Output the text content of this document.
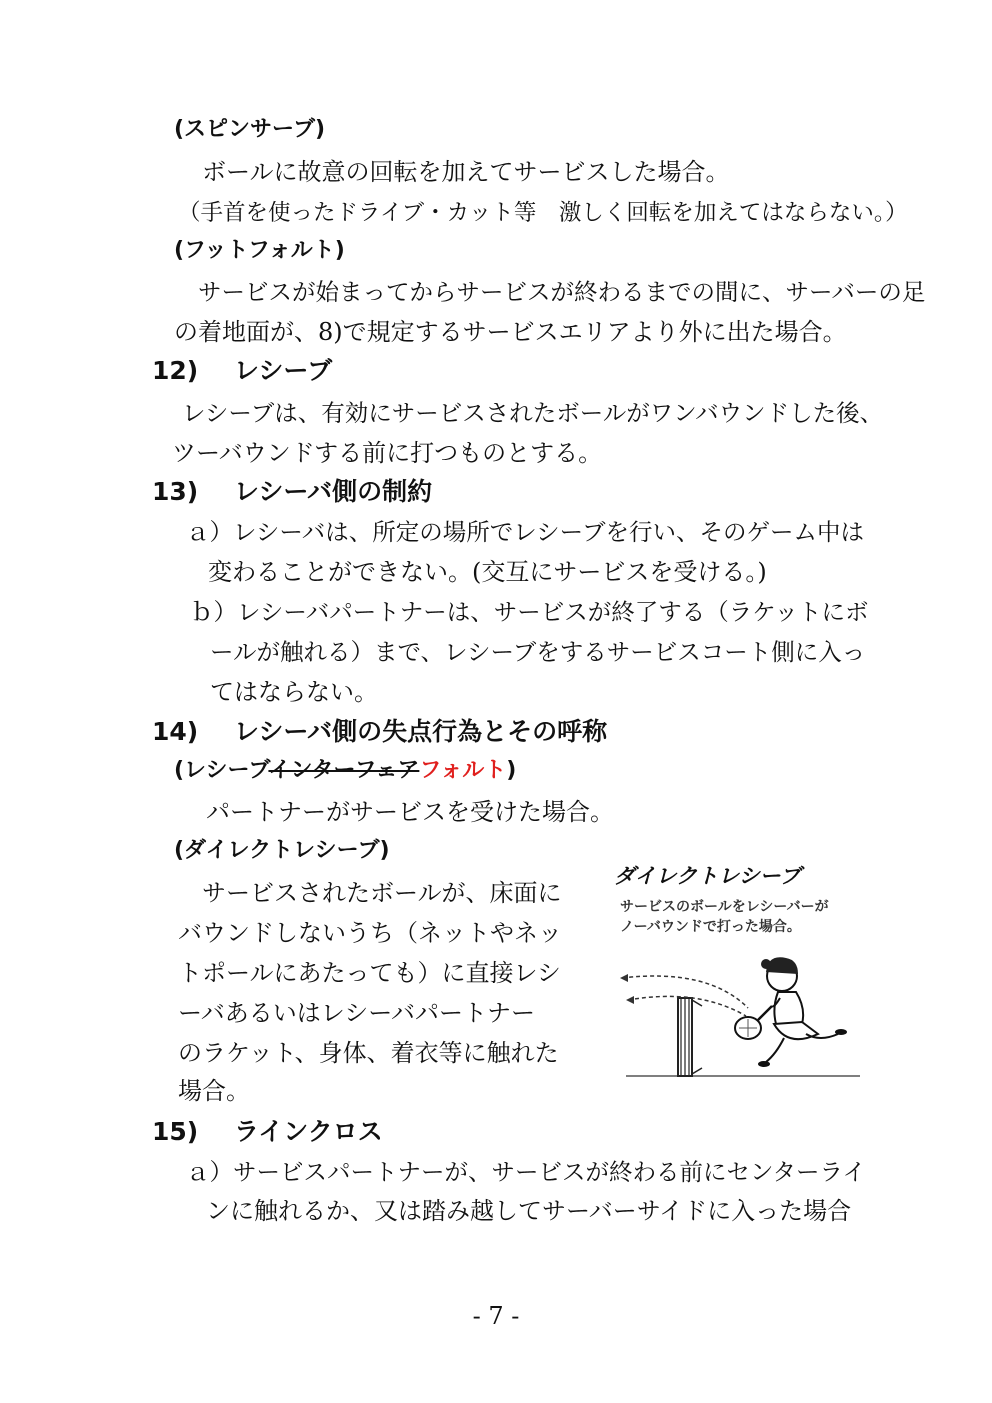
(スピンサーブ)
ボールに故意の回転を加えてサービスした場合。
（手首を使ったドライブ・カット等　激しく回転を加えてはならない。）
(フットフォルト)
サービスが始まってからサービスが終わるまでの間に、サーバーの足
の着地面が、8)で規定するサービスエリアより外に出た場合。
12) レシーブ
レシーブは、有効にサービスされたボールがワンバウンドした後、
ツーバウンドする前に打つものとする。
13) レシーバ側の制約
ａ）レシーバは、所定の場所でレシーブを行い、そのゲーム中は
変わることができない。(交互にサービスを受ける。)
ｂ）レシーバパートナーは、サービスが終了する（ラケットにボ
ールが触れる）まで、レシーブをするサービスコート側に入っ
てはならない。
14) レシーバ側の失点行為とその呼称
(レシーブインターフェアフォルト)
パートナーがサービスを受けた場合。
(ダイレクトレシーブ)
サービスされたボールが、床面に
バウンドしないうち（ネットやネッ
トポールにあたっても）に直接レシ
ーバあるいはレシーバパートナー
のラケット、身体、着衣等に触れた
場合。
ダイレクトレシーブ
サービスのボールをレシーバーが
ノーバウンドで打った場合。
15) ラインクロス
ａ）サービスパートナーが、サービスが終わる前にセンターライ
ンに触れるか、又は踏み越してサーバーサイドに入った場合
- 7 -
